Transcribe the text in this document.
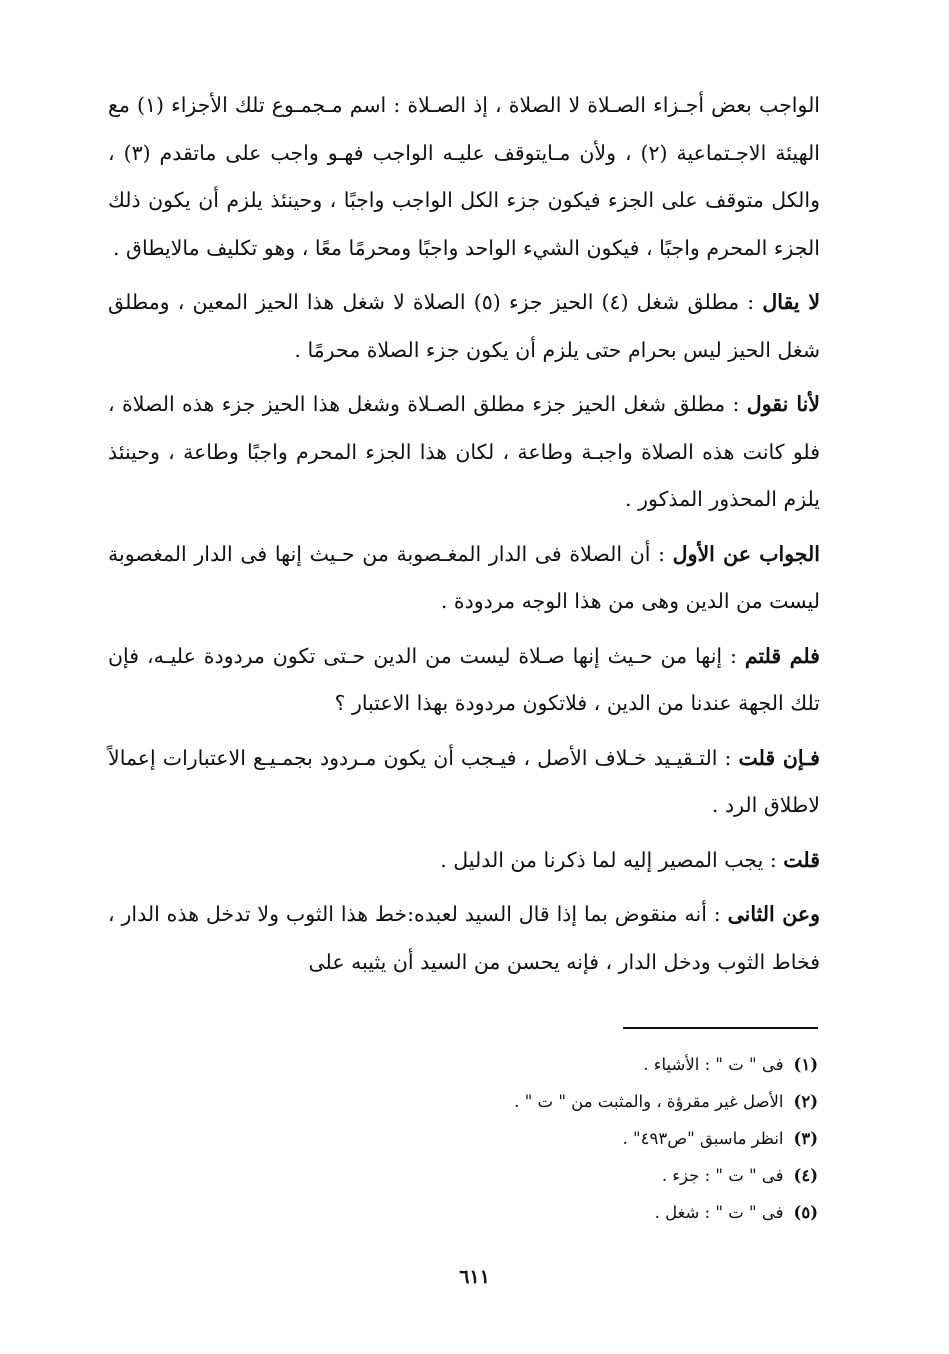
الواجب بعض أجـزاء الصـلاة لا الصلاة ، إذ الصـلاة : اسم مـجمـوع تلك الأجزاء (١) مع الهيئة الاجـتماعية (٢) ، ولأن مـايتوقف عليـه الواجب فهـو واجب على ماتقدم (٣) ، والكل متوقف على الجزء فيكون جزء الكل الواجب واجبًا ، وحينئذ يلزم أن يكون ذلك الجزء المحرم واجبًا ، فيكون الشيء الواحد واجبًا ومحرمًا معًا ، وهو تكليف مالايطاق .

لا يقال : مطلق شغل (٤) الحيز جزء (٥) الصلاة لا شغل هذا الحيز المعين ، ومطلق شغل الحيز ليس بحرام حتى يلزم أن يكون جزء الصلاة محرمًا .

لأنا نقول : مطلق شغل الحيز جزء مطلق الصـلاة وشغل هذا الحيز جزء هذه الصلاة ، فلو كانت هذه الصلاة واجبـة وطاعة ، لكان هذا الجزء المحرم واجبًا وطاعة ، وحينئذ يلزم المحذور المذكور .

الجواب عن الأول : أن الصلاة فى الدار المغـصوبة من حـيث إنها فى الدار المغصوبة ليست من الدين وهى من هذا الوجه مردودة .

فلم قلتم : إنها من حـيث إنها صـلاة ليست من الدين حـتى تكون مردودة عليـه، فإن تلك الجهة عندنا من الدين ، فلاتكون مردودة بهذا الاعتبار ؟

فـإن قلت : التـقيـيد خـلاف الأصل ، فيـجب أن يكون مـردود بجمـيـع الاعتبارات إعمالاً لاطلاق الرد .

قلت : يجب المصير إليه لما ذكرنا من الدليل .

وعن الثانى : أنه منقوض بما إذا قال السيد لعبده:خط هذا الثوب ولا تدخل هذه الدار ، فخاط الثوب ودخل الدار ، فإنه يحسن من السيد أن يثيبه على

(١)فى " ت " : الأشياء .
(٢)الأصل غير مقرؤة ، والمثبت من " ت " .
(٣)انظر ماسبق "ص٤٩٣" .
(٤)فى " ت " : جزء .
(٥)فى " ت " : شغل .
٦١١
